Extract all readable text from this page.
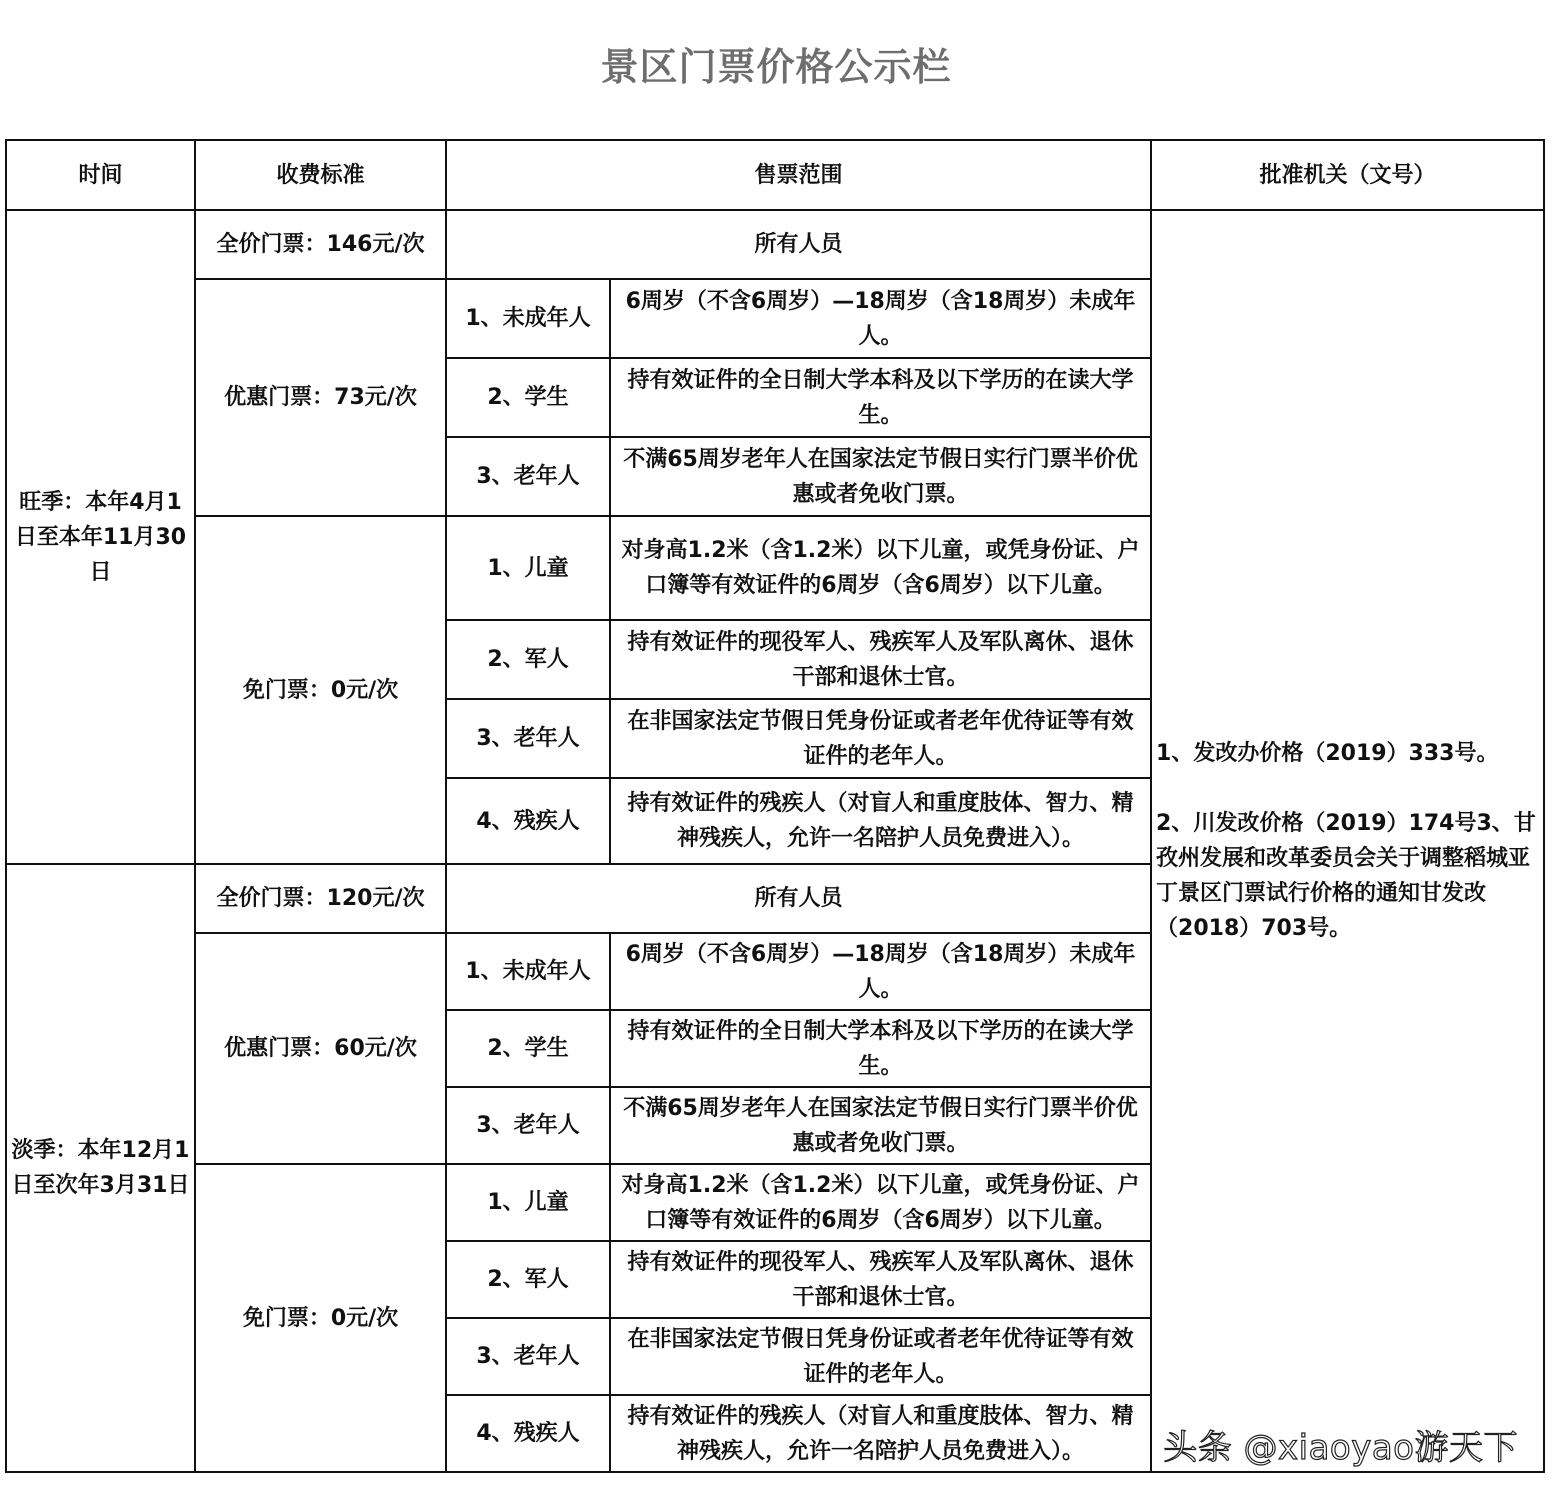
景区门票价格公示栏
时间	收费标准	售票范围		批准机关（文号）
旺季：本年4月1日至本年11月30日	全价门票：146元/次	所有人员		1、发改办价格（2019）333号。
2、川发改价格（2019）174号3、甘孜州发展和改革委员会关于调整稻城亚丁景区门票试行价格的通知甘发改（2018）703号。

	优惠门票：73元/次	1、未成年人	6周岁（不含6周岁）—18周岁（含18周岁）未成年人。	
		2、学生	持有效证件的全日制大学本科及以下学历的在读大学生。	
		3、老年人	不满65周岁老年人在国家法定节假日实行门票半价优惠或者免收门票。	
	免门票：0元/次	1、儿童	对身高1.2米（含1.2米）以下儿童，或凭身份证、户口簿等有效证件的6周岁（含6周岁）以下儿童。	
		2、军人	持有效证件的现役军人、残疾军人及军队离休、退休干部和退休士官。	
		3、老年人	在非国家法定节假日凭身份证或者老年优待证等有效证件的老年人。	
		4、残疾人	持有效证件的残疾人（对盲人和重度肢体、智力、精神残疾人，允许一名陪护人员免费进入）。	

淡季：本年12月1日至次年3月31日	全价门票：120元/次	所有人员		
	优惠门票：60元/次	1、未成年人	6周岁（不含6周岁）—18周岁（含18周岁）未成年人。	
		2、学生	持有效证件的全日制大学本科及以下学历的在读大学生。	
		3、老年人	不满65周岁老年人在国家法定节假日实行门票半价优惠或者免收门票。	
	免门票：0元/次	1、儿童	对身高1.2米（含1.2米）以下儿童，或凭身份证、户口簿等有效证件的6周岁（含6周岁）以下儿童。	
		2、军人	持有效证件的现役军人、残疾军人及军队离休、退休干部和退休士官。	
		3、老年人	在非国家法定节假日凭身份证或者老年优待证等有效证件的老年人。	
		4、残疾人	持有效证件的残疾人（对盲人和重度肢体、智力、精神残疾人，允许一名陪护人员免费进入）。	头条 @xiaoyao游天下
